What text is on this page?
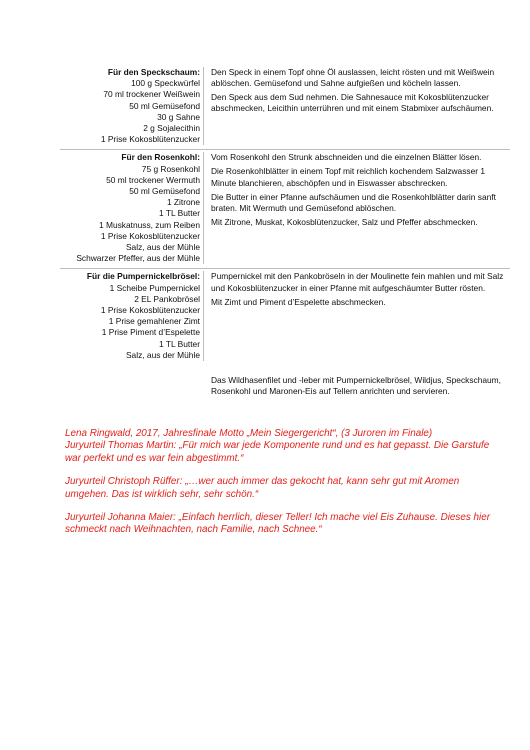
Für den Speckschaum:
100 g Speckwürfel
70 ml trockener Weißwein
50 ml Gemüsefond
30 g Sahne
2 g Sojalecithin
1 Prise Kokosblütenzucker

Den Speck in einem Topf ohne Öl auslassen, leicht rösten und mit Weißwein ablöschen. Gemüsefond und Sahne aufgießen und köcheln lassen.

Den Speck aus dem Sud nehmen. Die Sahnesauce mit Kokosblütenzucker abschmecken, Leicithin unterrühren und mit einem Stabmixer aufschäumen.

Für den Rosenkohl:
75 g Rosenkohl
50 ml trockener Wermuth
50 ml Gemüsefond
1 Zitrone
1 TL Butter
1 Muskatnuss, zum Reiben
1 Prise Kokosblütenzucker
Salz, aus der Mühle
Schwarzer Pfeffer, aus der Mühle

Vom Rosenkohl den Strunk abschneiden und die einzelnen Blätter lösen.

Die Rosenkohlblätter in einem Topf mit reichlich kochendem Salzwasser 1 Minute blanchieren, abschöpfen und in Eiswasser abschrecken.

Die Butter in einer Pfanne aufschäumen und die Rosenkohlblätter darin sanft braten. Mit Wermuth und Gemüsefond ablöschen.

Mit Zitrone, Muskat, Kokosblütenzucker, Salz und Pfeffer abschmecken.

Für die Pumpernickelbrösel:
1 Scheibe Pumpernickel
2 EL Pankobrösel
1 Prise Kokosblütenzucker
1 Prise gemahlener Zimt
1 Prise Piment d’Espelette
1 TL Butter
Salz, aus der Mühle

Pumpernickel mit den Pankobröseln in der Moulinette fein mahlen und mit Salz und Kokosblütenzucker in einer Pfanne mit aufgeschäumter Butter rösten.

Mit Zimt und Piment d’Espelette abschmecken.

Das Wildhasenfilet und -leber mit Pumpernickelbrösel, Wildjus, Speckschaum, Rosenkohl und Maronen-Eis auf Tellern anrichten und servieren.

Lena Ringwald, 2017, Jahresfinale Motto „Mein Siegergericht“, (3 Juroren im Finale)
Juryurteil Thomas Martin: „Für mich war jede Komponente rund und es hat gepasst. Die Garstufe war perfekt und es war fein abgestimmt.“

Juryurteil Christoph Rüffer: „…wer auch immer das gekocht hat, kann sehr gut mit Aromen umgehen. Das ist wirklich sehr, sehr schön.“

Juryurteil Johanna Maier: „Einfach herrlich, dieser Teller! Ich mache viel Eis Zuhause. Dieses hier schmeckt nach Weihnachten, nach Familie, nach Schnee.“
